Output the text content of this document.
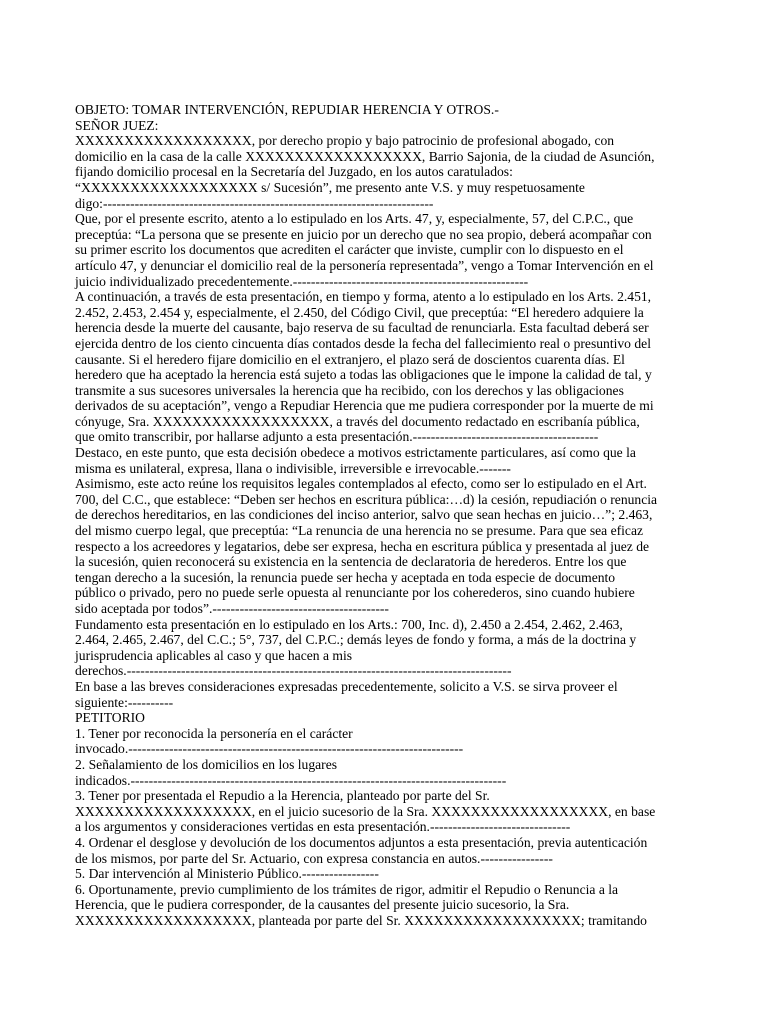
OBJETO: TOMAR INTERVENCIÓN, REPUDIAR HERENCIA Y OTROS.-
SEÑOR JUEZ:
XXXXXXXXXXXXXXXXXX, por derecho propio y bajo patrocinio de profesional abogado, con
domicilio en la casa de la calle XXXXXXXXXXXXXXXXXX, Barrio Sajonia, de la ciudad de Asunción,
fijando domicilio procesal en la Secretaría del Juzgado, en los autos caratulados:
“XXXXXXXXXXXXXXXXXX s/ Sucesión”, me presento ante V.S. y muy respetuosamente
digo:-------------------------------------------------------------------------
Que, por el presente escrito, atento a lo estipulado en los Arts. 47, y, especialmente, 57, del C.P.C., que
preceptúa: “La persona que se presente en juicio por un derecho que no sea propio, deberá acompañar con
su primer escrito los documentos que acrediten el carácter que inviste, cumplir con lo dispuesto en el
artículo 47, y denunciar el domicilio real de la personería representada”, vengo a Tomar Intervención en el
juicio individualizado precedentemente.----------------------------------------------------
A continuación, a través de esta presentación, en tiempo y forma, atento a lo estipulado en los Arts. 2.451,
2.452, 2.453, 2.454 y, especialmente, el 2.450, del Código Civil, que preceptúa: “El heredero adquiere la
herencia desde la muerte del causante, bajo reserva de su facultad de renunciarla. Esta facultad deberá ser
ejercida dentro de los ciento cincuenta días contados desde la fecha del fallecimiento real o presuntivo del
causante. Si el heredero fijare domicilio en el extranjero, el plazo será de doscientos cuarenta días. El
heredero que ha aceptado la herencia está sujeto a todas las obligaciones que le impone la calidad de tal, y
transmite a sus sucesores universales la herencia que ha recibido, con los derechos y las obligaciones
derivados de su aceptación”, vengo a Repudiar Herencia que me pudiera corresponder por la muerte de mi
cónyuge, Sra. XXXXXXXXXXXXXXXXXX, a través del documento redactado en escribanía pública,
que omito transcribir, por hallarse adjunto a esta presentación.-----------------------------------------
Destaco, en este punto, que esta decisión obedece a motivos estrictamente particulares, así como que la
misma es unilateral, expresa, llana o indivisible, irreversible e irrevocable.-------
Asimismo, este acto reúne los requisitos legales contemplados al efecto, como ser lo estipulado en el Art.
700, del C.C., que establece: “Deben ser hechos en escritura pública:…d) la cesión, repudiación o renuncia
de derechos hereditarios, en las condiciones del inciso anterior, salvo que sean hechas en juicio…”; 2.463,
del mismo cuerpo legal, que preceptúa: “La renuncia de una herencia no se presume. Para que sea eficaz
respecto a los acreedores y legatarios, debe ser expresa, hecha en escritura pública y presentada al juez de
la sucesión, quien reconocerá su existencia en la sentencia de declaratoria de herederos. Entre los que
tengan derecho a la sucesión, la renuncia puede ser hecha y aceptada en toda especie de documento
público o privado, pero no puede serle opuesta al renunciante por los coherederos, sino cuando hubiere
sido aceptada por todos”.---------------------------------------
Fundamento esta presentación en lo estipulado en los Arts.: 700, Inc. d), 2.450 a 2.454, 2.462, 2.463,
2.464, 2.465, 2.467, del C.C.; 5°, 737, del C.P.C.; demás leyes de fondo y forma, a más de la doctrina y
jurisprudencia aplicables al caso y que hacen a mis
derechos.-------------------------------------------------------------------------------------
En base a las breves consideraciones expresadas precedentemente, solicito a V.S. se sirva proveer el
siguiente:----------
PETITORIO
1. Tener por reconocida la personería en el carácter
invocado.--------------------------------------------------------------------------
2. Señalamiento de los domicilios en los lugares
indicados.-----------------------------------------------------------------------------------
3. Tener por presentada el Repudio a la Herencia, planteado por parte del Sr.
XXXXXXXXXXXXXXXXXX, en el juicio sucesorio de la Sra. XXXXXXXXXXXXXXXXXX, en base
a los argumentos y consideraciones vertidas en esta presentación.-------------------------------
4. Ordenar el desglose y devolución de los documentos adjuntos a esta presentación, previa autenticación
de los mismos, por parte del Sr. Actuario, con expresa constancia en autos.----------------
5. Dar intervención al Ministerio Público.-----------------
6. Oportunamente, previo cumplimiento de los trámites de rigor, admitir el Repudio o Renuncia a la
Herencia, que le pudiera corresponder, de la causantes del presente juicio sucesorio, la Sra.
XXXXXXXXXXXXXXXXXX, planteada por parte del Sr. XXXXXXXXXXXXXXXXXX; tramitando
